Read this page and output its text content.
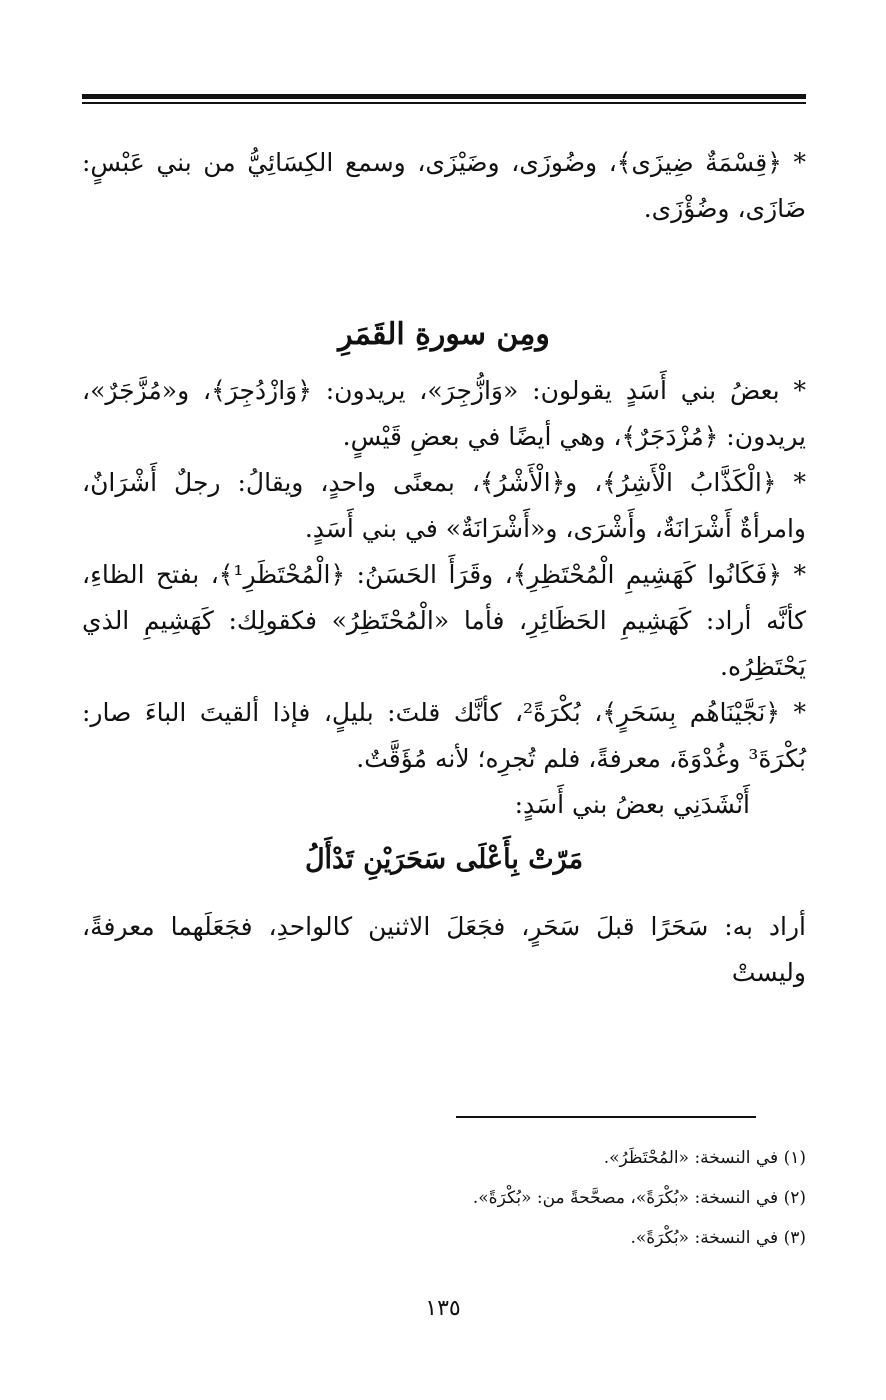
* ﴿قِسْمَةٌ ضِيزَى﴾، وضُوزَى، وضَيْزَى، وسمع الكِسَائِيُّ من بني عَبْسٍ: ضَازَى، وضُؤْزَى.

ومِن سورةِ القَمَرِ

* بعضُ بني أَسَدٍ يقولون: «وَازُّجِرَ»، يريدون: ﴿وَازْدُجِرَ﴾، و«مُزَّجَرٌ»، يريدون: ﴿مُزْدَجَرٌ﴾، وهي أيضًا في بعضِ قَيْسٍ.

* ﴿الْكَذَّابُ الْأَشِرُ﴾، و﴿الْأَشْرُ﴾، بمعنًى واحدٍ، ويقالُ: رجلٌ أَشْرَانٌ، وامرأةٌ أَشْرَانَةٌ، وأَشْرَى، و«أَشْرَانَةٌ» في بني أَسَدٍ.

* ﴿فَكَانُوا كَهَشِيمِ الْمُحْتَظِرِ﴾، وقَرَأَ الحَسَنُ: ﴿الْمُحْتَظَرِ¹﴾، بفتح الظاءِ، كأنَّه أراد: كَهَشِيمِ الحَظَائِرِ، فأما «الْمُحْتَظِرُ» فكقولِك: كَهَشِيمِ الذي يَحْتَظِرُه.

* ﴿نَجَّيْنَاهُم بِسَحَرٍ﴾، بُكْرَةً²، كأنَّك قلتَ: بليلٍ، فإذا ألقيتَ الباءَ صار: بُكْرَةَ³ وغُدْوَةَ، معرفةً، فلم تُجرِه؛ لأنه مُؤَقَّتٌ.

أَنْشَدَنِي بعضُ بني أَسَدٍ:

مَرّتْ بِأَعْلَى سَحَرَيْنِ تَدْأَلُ

أراد به: سَحَرًا قبلَ سَحَرٍ، فجَعَلَ الاثنين كالواحدِ، فجَعَلَهما معرفةً، وليستْ

(١) في النسخة: «المُحْتَظَرُ».

(٢) في النسخة: «بُكْرَةً»، مصحَّحةً من: «بُكْرَةً».

(٣) في النسخة: «بُكْرَةً».

١٣٥
